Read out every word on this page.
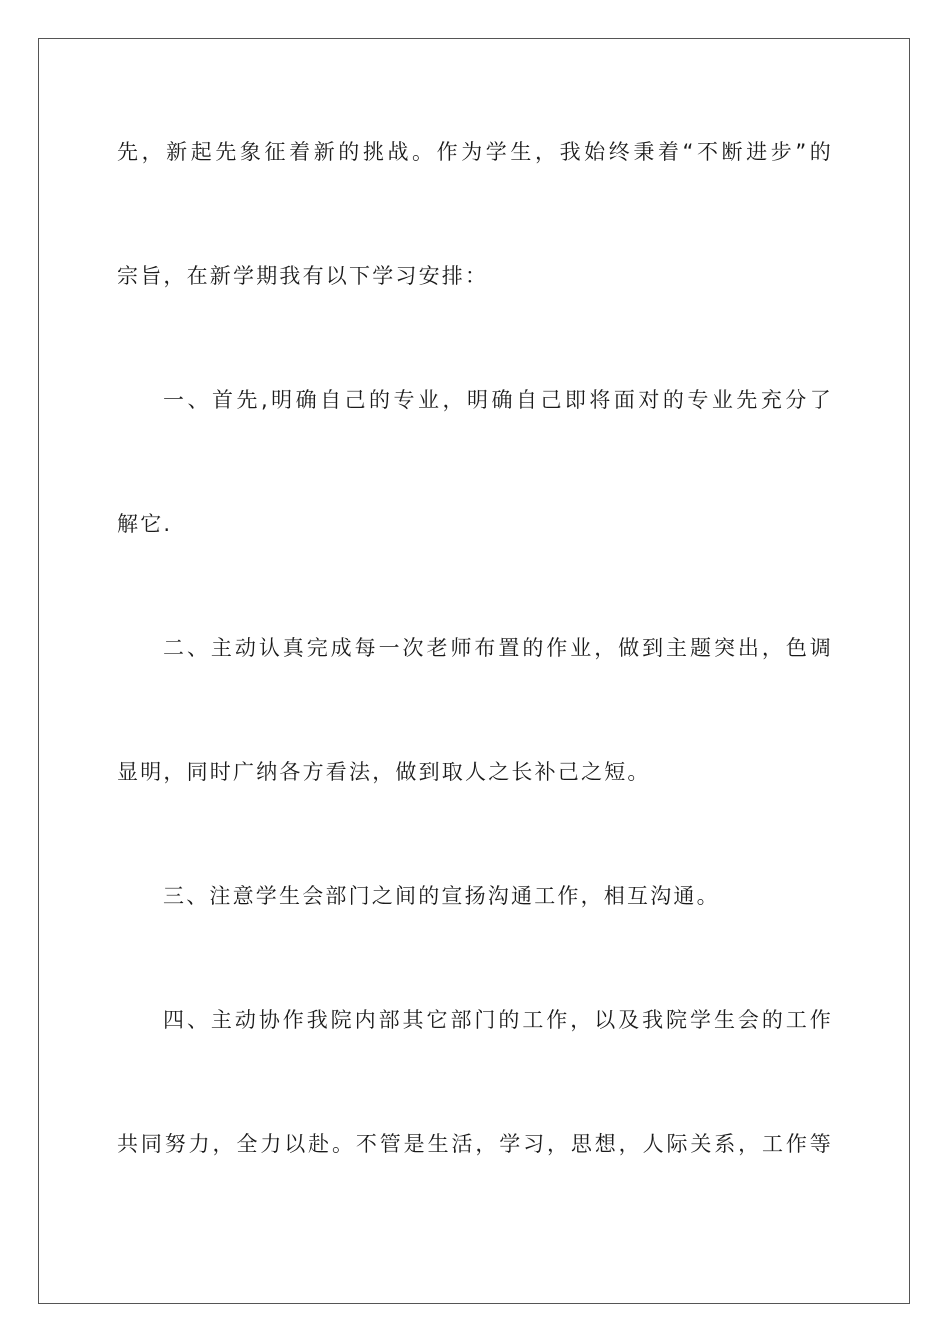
先，新起先象征着新的挑战。作为学生，我始终秉着“不断进步”的
宗旨，在新学期我有以下学习安排：
一、首先,明确自己的专业，明确自己即将面对的专业先充分了
解它.
二、主动认真完成每一次老师布置的作业，做到主题突出，色调
显明，同时广纳各方看法，做到取人之长补己之短。
三、注意学生会部门之间的宣扬沟通工作，相互沟通。
四、主动协作我院内部其它部门的工作，以及我院学生会的工作
共同努力，全力以赴。不管是生活，学习，思想，人际关系，工作等
